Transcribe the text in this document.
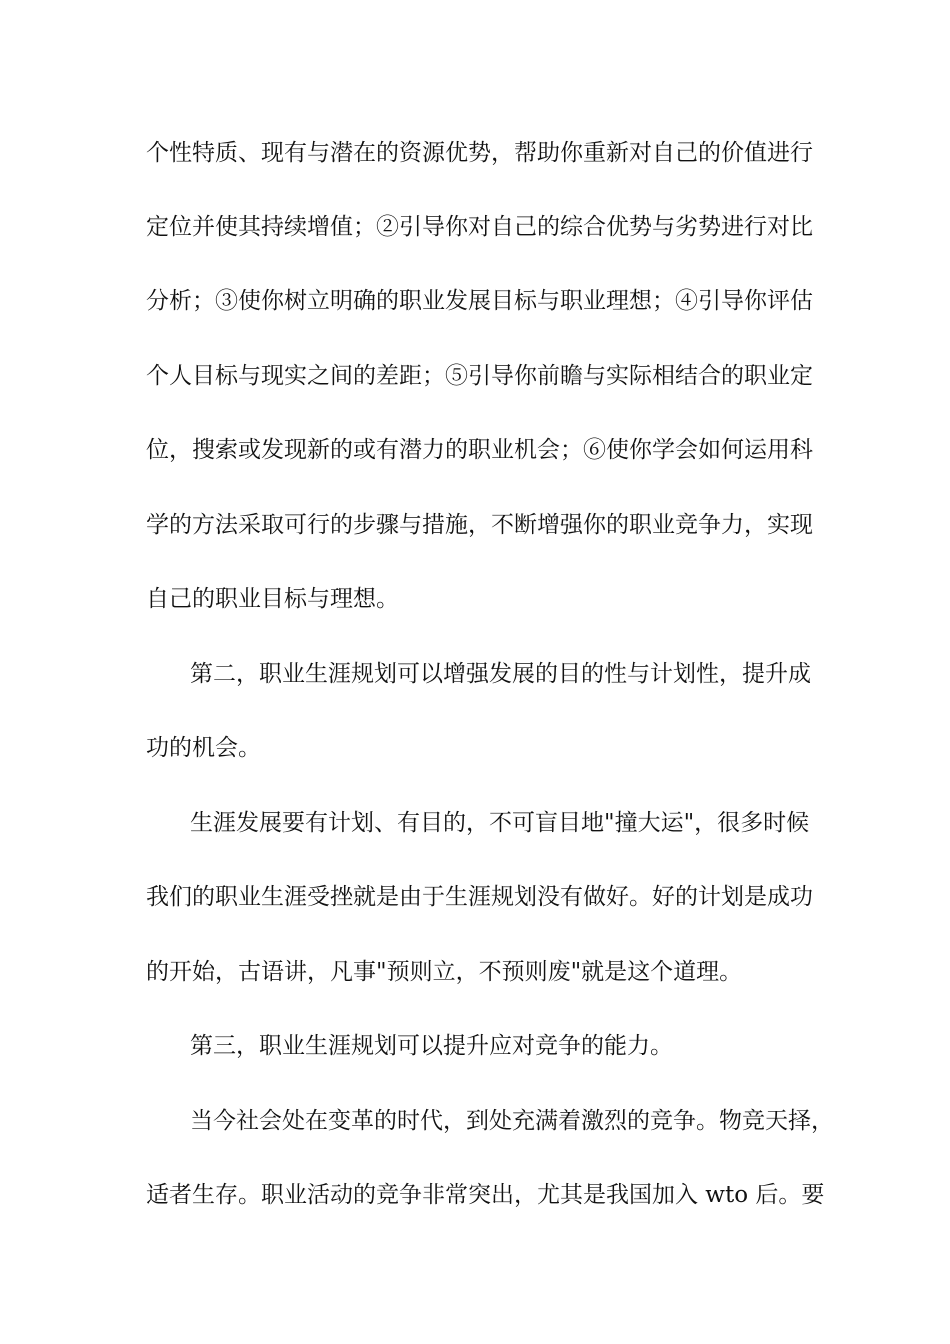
个性特质、现有与潜在的资源优势，帮助你重新对自己的价值进行
定位并使其持续增值；②引导你对自己的综合优势与劣势进行对比
分析；③使你树立明确的职业发展目标与职业理想；④引导你评估
个人目标与现实之间的差距；⑤引导你前瞻与实际相结合的职业定
位，搜索或发现新的或有潜力的职业机会；⑥使你学会如何运用科
学的方法采取可行的步骤与措施，不断增强你的职业竞争力，实现
自己的职业目标与理想。
第二，职业生涯规划可以增强发展的目的性与计划性，提升成
功的机会。
生涯发展要有计划、有目的，不可盲目地"撞大运"，很多时候
我们的职业生涯受挫就是由于生涯规划没有做好。好的计划是成功
的开始，古语讲，凡事"预则立，不预则废"就是这个道理。
第三，职业生涯规划可以提升应对竞争的能力。
当今社会处在变革的时代，到处充满着激烈的竞争。物竞天择，
适者生存。职业活动的竞争非常突出，尤其是我国加入 wto 后。要
